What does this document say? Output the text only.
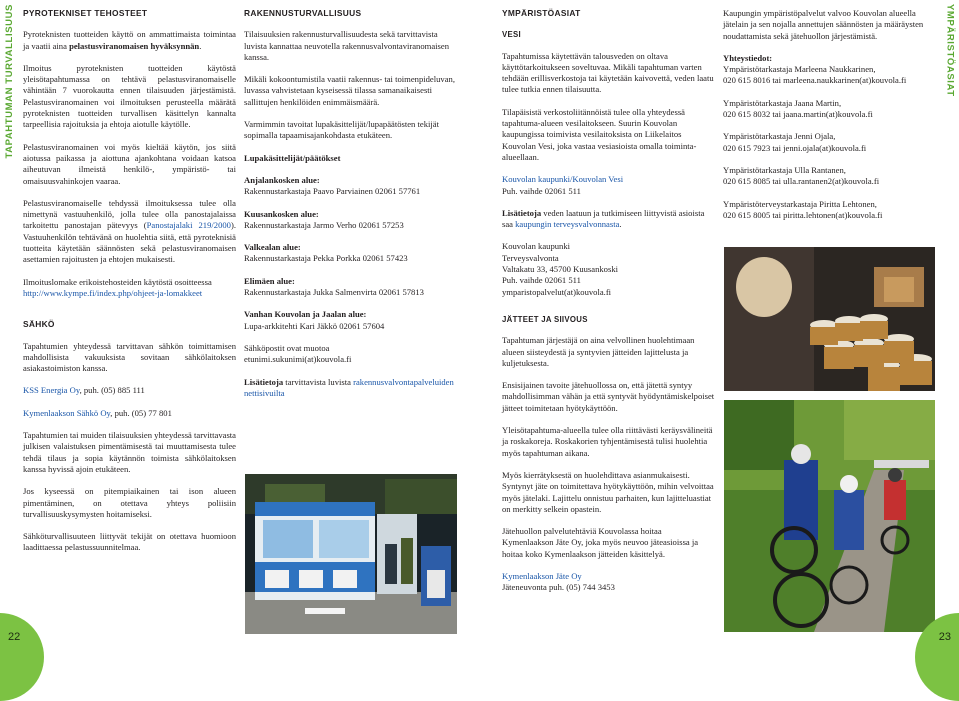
TAPAHTUMAN TURVALLISUUS	YMPÄRISTÖASIAT
PYROTEKNISET TEHOSTEET

Pyroteknisten tuotteiden käyttö on ammattimaista toimintaa ja vaatii aina pelastusviranomaisen hyväksynnän.

Ilmoitus pyroteknisten tuotteiden käytöstä yleisötapahtumassa on tehtävä pelastusviranomaiselle vähintään 7 vuorokautta ennen tilaisuuden järjestämistä. Pelastusviranomainen voi ilmoituksen perusteella määrätä pyroteknisten tuotteiden turvallisen käsittelyn kannalta tarpeellisia rajoituksia ja ehtoja aiotulle käytölle.

Pelastusviranomainen voi myös kieltää käytön, jos siitä aiotussa paikassa ja aiottuna ajankohtana voidaan katsoa aiheutuvan ilmeistä henkilö-, ympäristö- tai omaisuusvahinkojen vaaraa.

Pelastusviranomaiselle tehdyssä ilmoituksessa tulee olla nimettynä vastuuhenkilö, jolla tulee olla panostajalaissa tarkoitettu panostajan pätevyys (Panostajalaki 219/2000). Vastuuhenkilön tehtävänä on huolehtia siitä, että pyroteknisiä tuotteita käytetään säännösten sekä pelastusviranomaisen asettamien rajoitusten ja ehtojen mukaisesti.

Ilmoituslomake erikoistehosteiden käytöstä osoitteessa
http://www.kympe.fi/index.php/ohjeet-ja-lomakkeet

SÄHKÖ

Tapahtumien yhteydessä tarvittavan sähkön toimittamisen mahdollisista vakuuksista sovitaan sähkölaitoksen asiakastoimiston kanssa.

KSS Energia Oy, puh. (05) 885 111

Kymenlaakson Sähkö Oy, puh. (05) 77 801

Tapahtumien tai muiden tilaisuuksien yhteydessä tarvittavasta julkisen valaistuksen pimentämisestä tai muuttamisesta tulee tehdä tilaus ja sopia käytännön toimista sähkölaitoksen kanssa hyvissä ajoin etukäteen.

Jos kyseessä on pitempiaikainen tai ison alueen pimentäminen, on otettava yhteys poliisiin turvallisuuskysymysten hoitamiseksi.

Sähköturvallisuuteen liittyvät tekijät on otettava huomioon laadittaessa pelastussuunnitelmaa.

RAKENNUSTURVALLISUUS

Tilaisuuksien rakennusturvallisuudesta sekä tarvittavista luvista kannattaa neuvotella rakennusvalvontaviranomaisen kanssa.

Mikäli kokoontumistila vaatii rakennus- tai toimenpideluvan, luvassa vahvistetaan kyseisessä tilassa samanaikaisesti sallittujen henkilöiden enimmäismäärä.

Varmimmin tavoitat lupakäsittelijät/lupapäätösten tekijät sopimalla tapaamisajankohdasta etukäteen.

Lupakäsittelijät/päätökset

Anjalankosken alue:
Rakennustarkastaja Paavo Parviainen 02061 57761
Kuusankosken alue:
Rakennustarkastaja Jarmo Verho 02061 57253
Valkealan alue:
Rakennustarkastaja Pekka Porkka 02061 57423
Elimäen alue:
Rakennustarkastaja Jukka Salmenvirta 02061 57813
Vanhan Kouvolan ja Jaalan alue:
Lupa-arkkitehti Kari Jäkkö 02061 57604

Sähköpostit ovat muotoa
etunimi.sukunimi(at)kouvola.fi

Lisätietoja tarvittavista luvista rakennusvalvontapalveluiden nettisivuilta

YMPÄRISTÖASIAT
VESI

Tapahtumissa käytettävän talousveden on oltava käyttötarkoitukseen soveltuvaa. Mikäli tapahtuman varten tehdään erillisverkostoja tai käytetään kaivovettä, veden laatu tulee tutkia ennen tilaisuutta.

Tilapäisistä verkostoliitännöistä tulee olla yhteydessä tapahtuma-alueen vesilaitokseen. Suurin Kouvolan kaupungissa toimivista vesilaitoksista on Liikelaitos Kouvolan Vesi, joka vastaa vesiasioista omalla toiminta-alueellaan.

Kouvolan kaupunki/Kouvolan Vesi
Puh. vaihde 02061 511

Lisätietoja veden laatuun ja tutkimiseen liittyvistä asioista saa kaupungin terveysvalvonnasta.

Kouvolan kaupunki
Terveysvalvonta
Valtakatu 33, 45700 Kuusankoski
Puh. vaihde 02061 511
ymparistopalvelut(at)kouvola.fi

JÄTTEET JA SIIVOUS

Tapahtuman järjestäjä on aina velvollinen huolehtimaan alueen siisteydestä ja syntyvien jätteiden lajittelusta ja kuljetuksesta.

Ensisijainen tavoite jätehuollossa on, että jätettä syntyy mahdollisimman vähän ja että syntyvät hyödyntämiskelpoiset jätteet toimitetaan hyötykäyttöön.

Yleisötapahtuma-alueella tulee olla riittävästi keräysvälineitä ja roskakoreja. Roskakorien tyhjentämisestä tulisi huolehtia myös tapahtuman aikana.

Myös kierrätyksestä on huolehdittava asianmukaisesti. Syntynyt jäte on toimitettava hyötykäyttöön, mihin velvoittaa myös jätelaki. Lajittelu onnistuu parhaiten, kun lajitteluastiat on merkitty selkein opastein.

Jätehuollon palvelutehtäviä Kouvolassa hoitaa Kymenlaakson Jäte Oy, joka myös neuvoo jäteasioissa ja hoitaa koko Kymenlaakson jätteiden käsittelyä.

Kymenlaakson Jäte Oy
Jäteneuvonta puh. (05) 744 3453

Kaupungin ympäristöpalvelut valvoo Kouvolan alueella jätelain ja sen nojalla annettujen säännösten ja määräysten noudattamista sekä jätehuollon järjestämistä.

Yhteystiedot:

Ympäristötarkastaja Marleena Naukkarinen,
020 615 8016 tai marleena.naukkarinen(at)kouvola.fi

Ympäristötarkastaja Jaana Martin,
020 615 8032 tai jaana.martin(at)kouvola.fi

Ympäristötarkastaja Jenni Ojala,
020 615 7923 tai jenni.ojala(at)kouvola.fi

Ympäristötarkastaja Ulla Rantanen,
020 615 8085 tai ulla.rantanen2(at)kouvola.fi

Ympäristöterveystarkastaja Piritta Lehtonen,
020 615 8005 tai piritta.lehtonen(at)kouvola.fi

22	23
